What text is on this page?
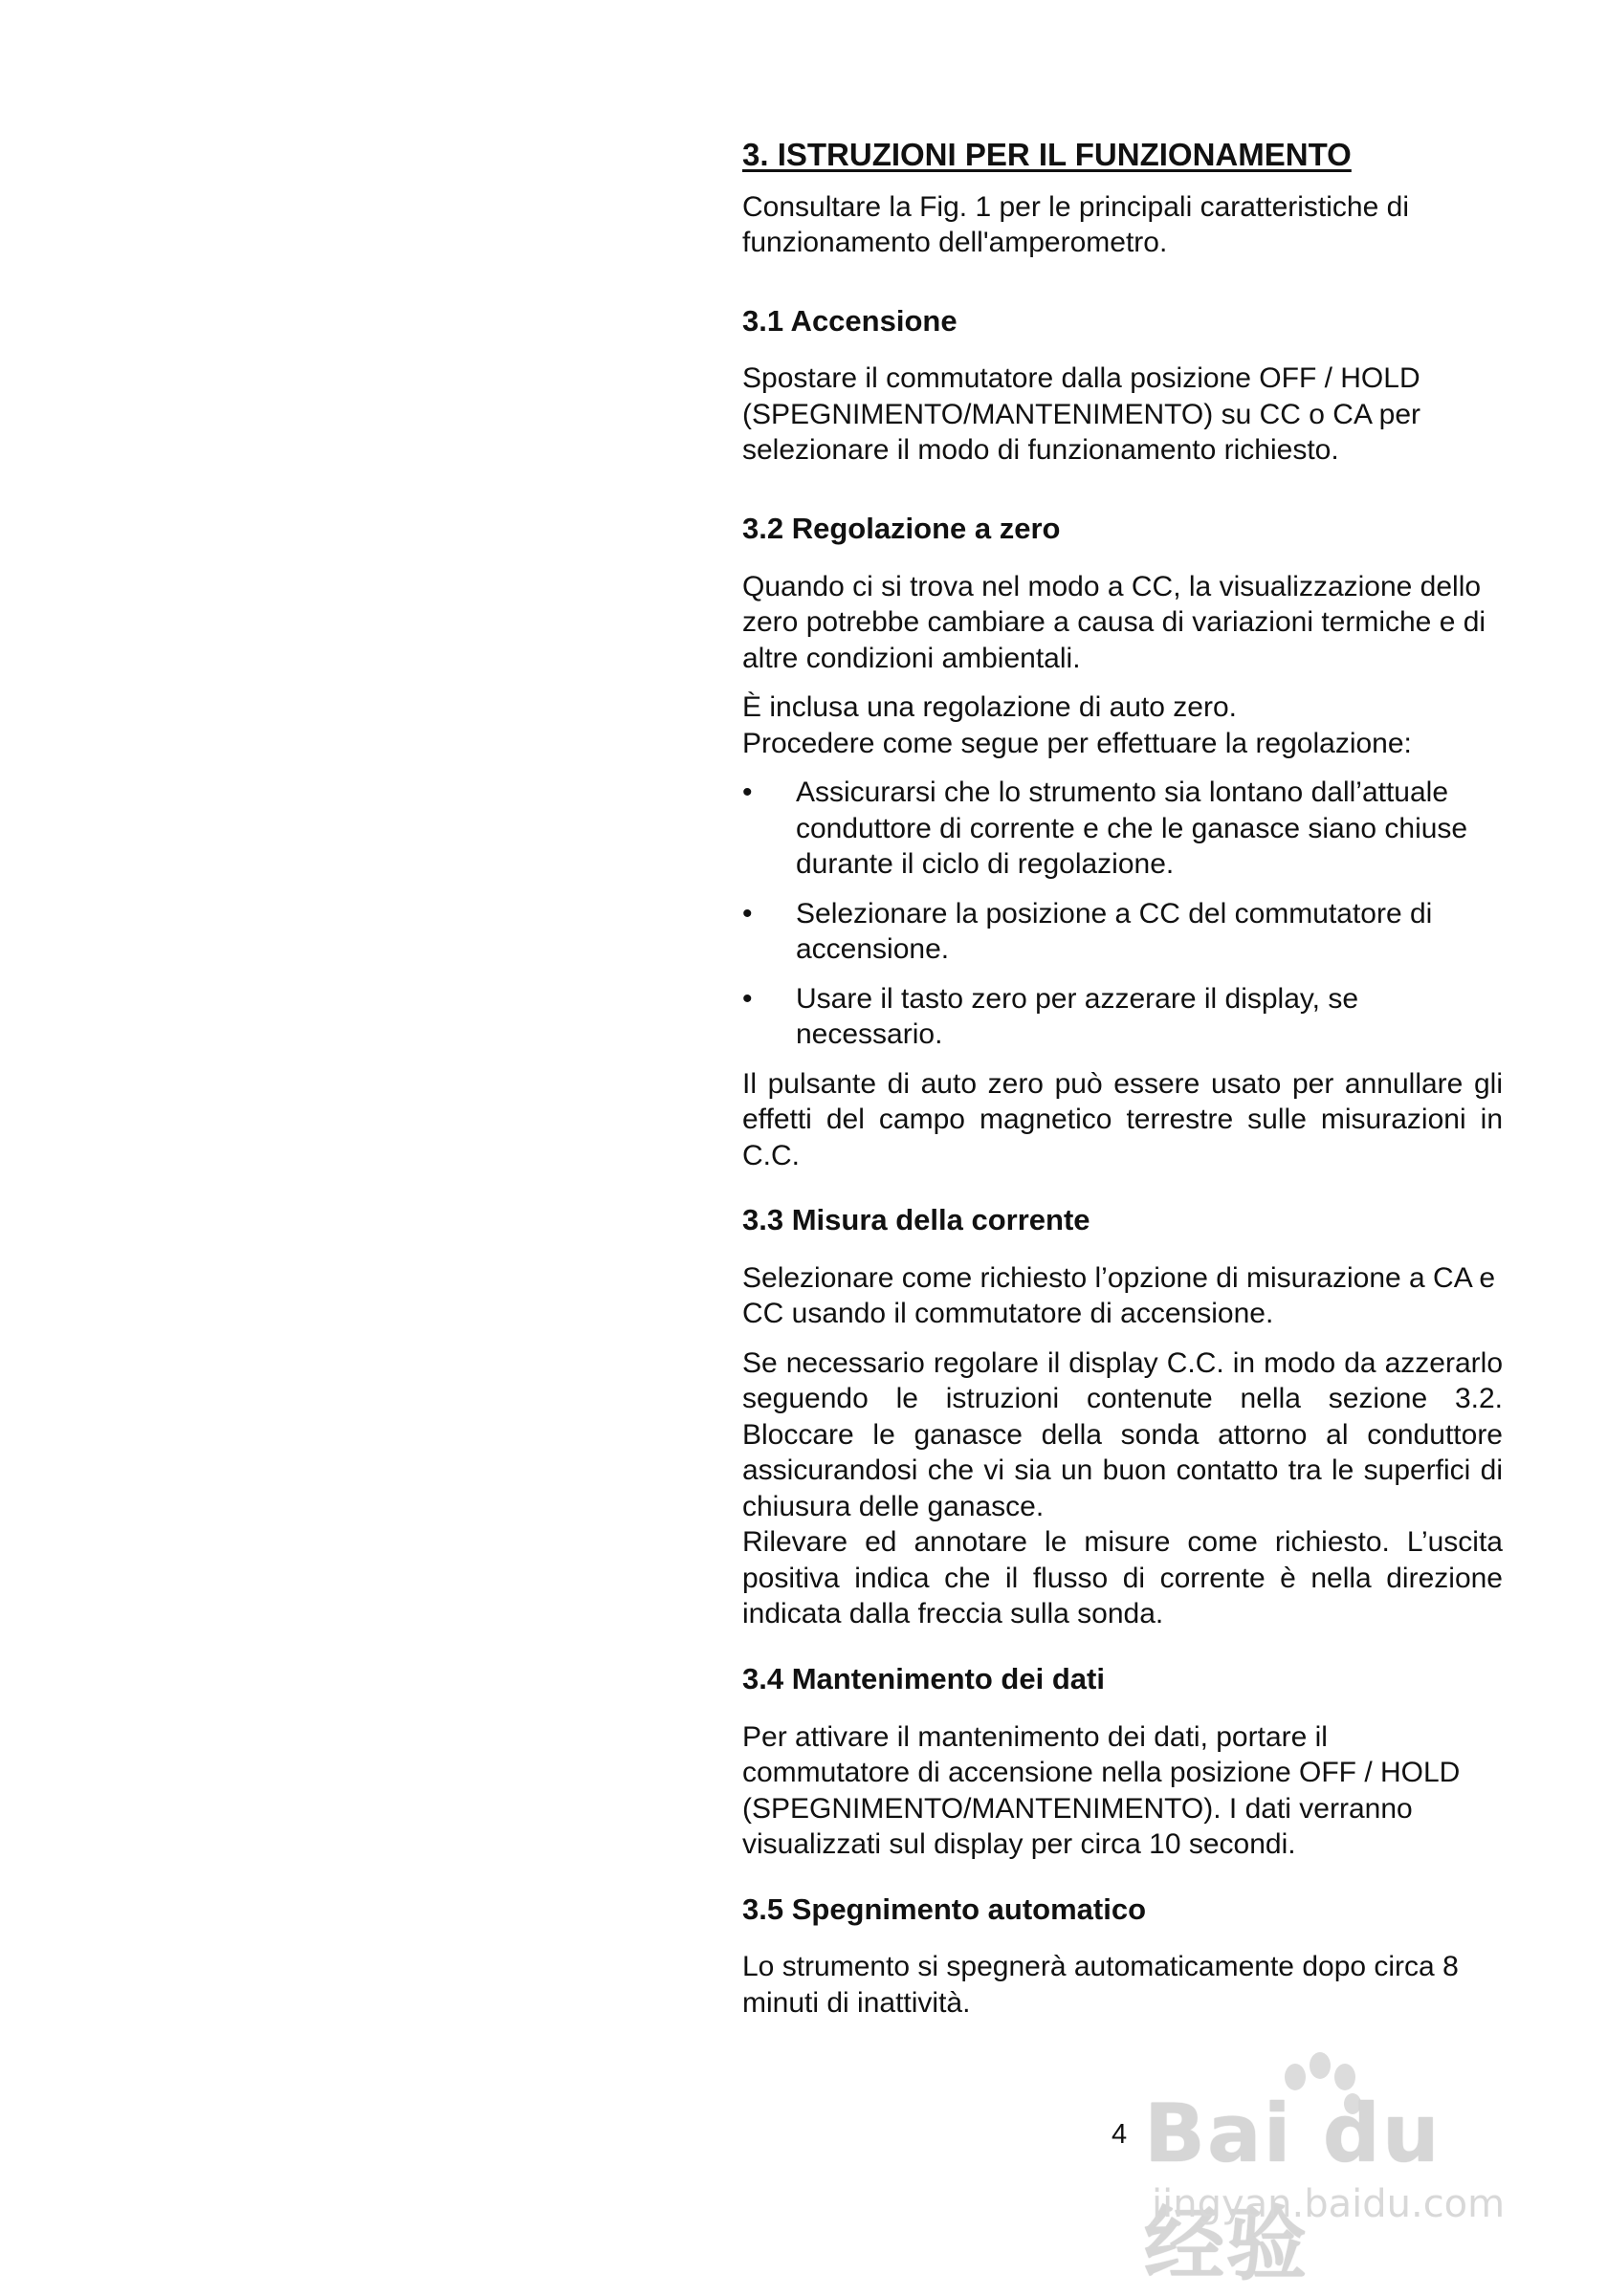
3. ISTRUZIONI PER IL FUNZIONAMENTO

Consultare la Fig. 1 per le principali caratteristiche di funzionamento dell'amperometro.

3.1 Accensione

Spostare il commutatore dalla posizione OFF / HOLD (SPEGNIMENTO/MANTENIMENTO) su CC o CA per selezionare il modo di funzionamento richiesto.

3.2 Regolazione a zero

Quando ci si trova nel modo a CC, la visualizzazione dello zero potrebbe cambiare a causa di variazioni termiche e di altre condizioni ambientali.

È inclusa una regolazione di auto zero.

Procedere come segue per effettuare la regolazione:

• Assicurarsi che lo strumento sia lontano dall’attuale conduttore di corrente e che le ganasce siano chiuse durante il ciclo di regolazione.
• Selezionare la posizione a CC del commutatore di accensione.
• Usare il tasto zero per azzerare il display, se necessario.

Il pulsante di auto zero può essere usato per annullare gli effetti del campo magnetico terrestre sulle misurazioni in C.C.

3.3 Misura della corrente

Selezionare come richiesto l’opzione di misurazione a CA e CC usando il commutatore di accensione.

Se necessario regolare il display C.C. in modo da azzerarlo seguendo le istruzioni contenute nella sezione 3.2. Bloccare le ganasce della sonda attorno al conduttore assicurandosi che vi sia un buon contatto tra le superfici di chiusura delle ganasce.

Rilevare ed annotare le misure come richiesto. L’uscita positiva indica che il flusso di corrente è nella direzione indicata dalla freccia sulla sonda.

3.4 Mantenimento dei dati

Per attivare il mantenimento dei dati, portare il commutatore di accensione nella posizione OFF / HOLD (SPEGNIMENTO/MANTENIMENTO). I dati verranno visualizzati sul display per circa 10 secondi.

3.5 Spegnimento automatico

Lo strumento si spegnerà automaticamente dopo circa 8 minuti di inattività.

4 Bai du 经验
jingyan.baidu.com
